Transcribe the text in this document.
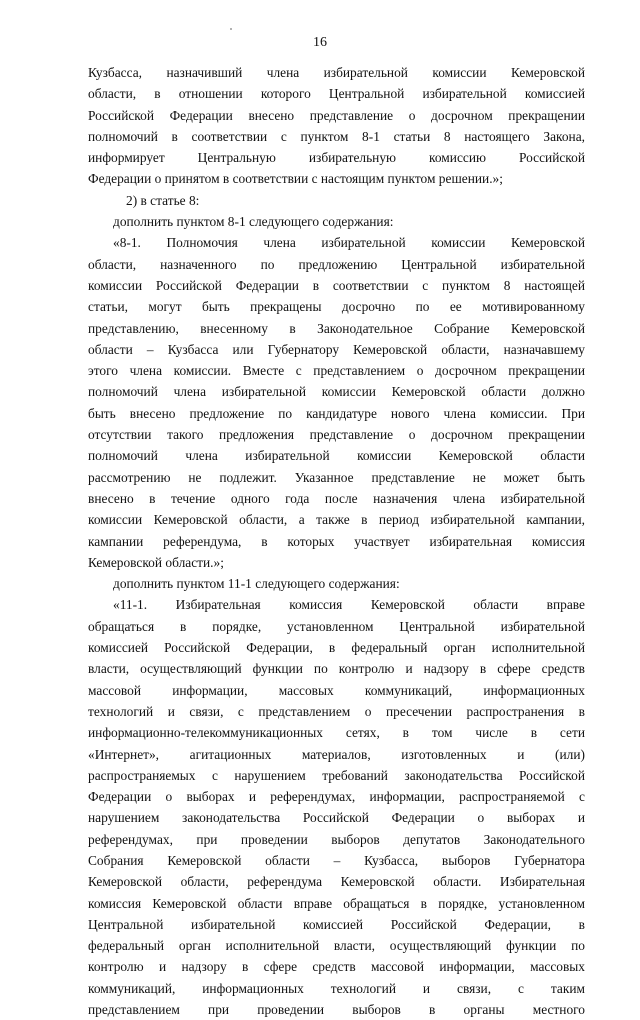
16
Кузбасса, назначивший члена избирательной комиссии Кемеровской
области, в отношении которого Центральной избирательной комиссией
Российской Федерации внесено представление о досрочном прекращении
полномочий в соответствии с пунктом 8-1 статьи 8 настоящего Закона,
информирует Центральную избирательную комиссию Российской
Федерации о принятом в соответствии с настоящим пунктом решении.»;
2) в статье 8:
дополнить пунктом 8-1 следующего содержания:
«8-1. Полномочия члена избирательной комиссии Кемеровской
области, назначенного по предложению Центральной избирательной
комиссии Российской Федерации в соответствии с пунктом 8 настоящей
статьи, могут быть прекращены досрочно по ее мотивированному
представлению, внесенному в Законодательное Собрание Кемеровской
области – Кузбасса или Губернатору Кемеровской области, назначавшему
этого члена комиссии. Вместе с представлением о досрочном прекращении
полномочий члена избирательной комиссии Кемеровской области должно
быть внесено предложение по кандидатуре нового члена комиссии. При
отсутствии такого предложения представление о досрочном прекращении
полномочий члена избирательной комиссии Кемеровской области
рассмотрению не подлежит. Указанное представление не может быть
внесено в течение одного года после назначения члена избирательной
комиссии Кемеровской области, а также в период избирательной кампании,
кампании референдума, в которых участвует избирательная комиссия
Кемеровской области.»;
дополнить пунктом 11-1 следующего содержания:
«11-1. Избирательная комиссия Кемеровской области вправе
обращаться в порядке, установленном Центральной избирательной
комиссией Российской Федерации, в федеральный орган исполнительной
власти, осуществляющий функции по контролю и надзору в сфере средств
массовой информации, массовых коммуникаций, информационных
технологий и связи, с представлением о пресечении распространения в
информационно-телекоммуникационных сетях, в том числе в сети
«Интернет», агитационных материалов, изготовленных и (или)
распространяемых с нарушением требований законодательства Российской
Федерации о выборах и референдумах, информации, распространяемой с
нарушением законодательства Российской Федерации о выборах и
референдумах, при проведении выборов депутатов Законодательного
Собрания Кемеровской области – Кузбасса, выборов Губернатора
Кемеровской области, референдума Кемеровской области. Избирательная
комиссия Кемеровской области вправе обращаться в порядке, установленном
Центральной избирательной комиссией Российской Федерации, в
федеральный орган исполнительной власти, осуществляющий функции по
контролю и надзору в сфере средств массовой информации, массовых
коммуникаций, информационных технологий и связи, с таким
представлением при проведении выборов в органы местного
